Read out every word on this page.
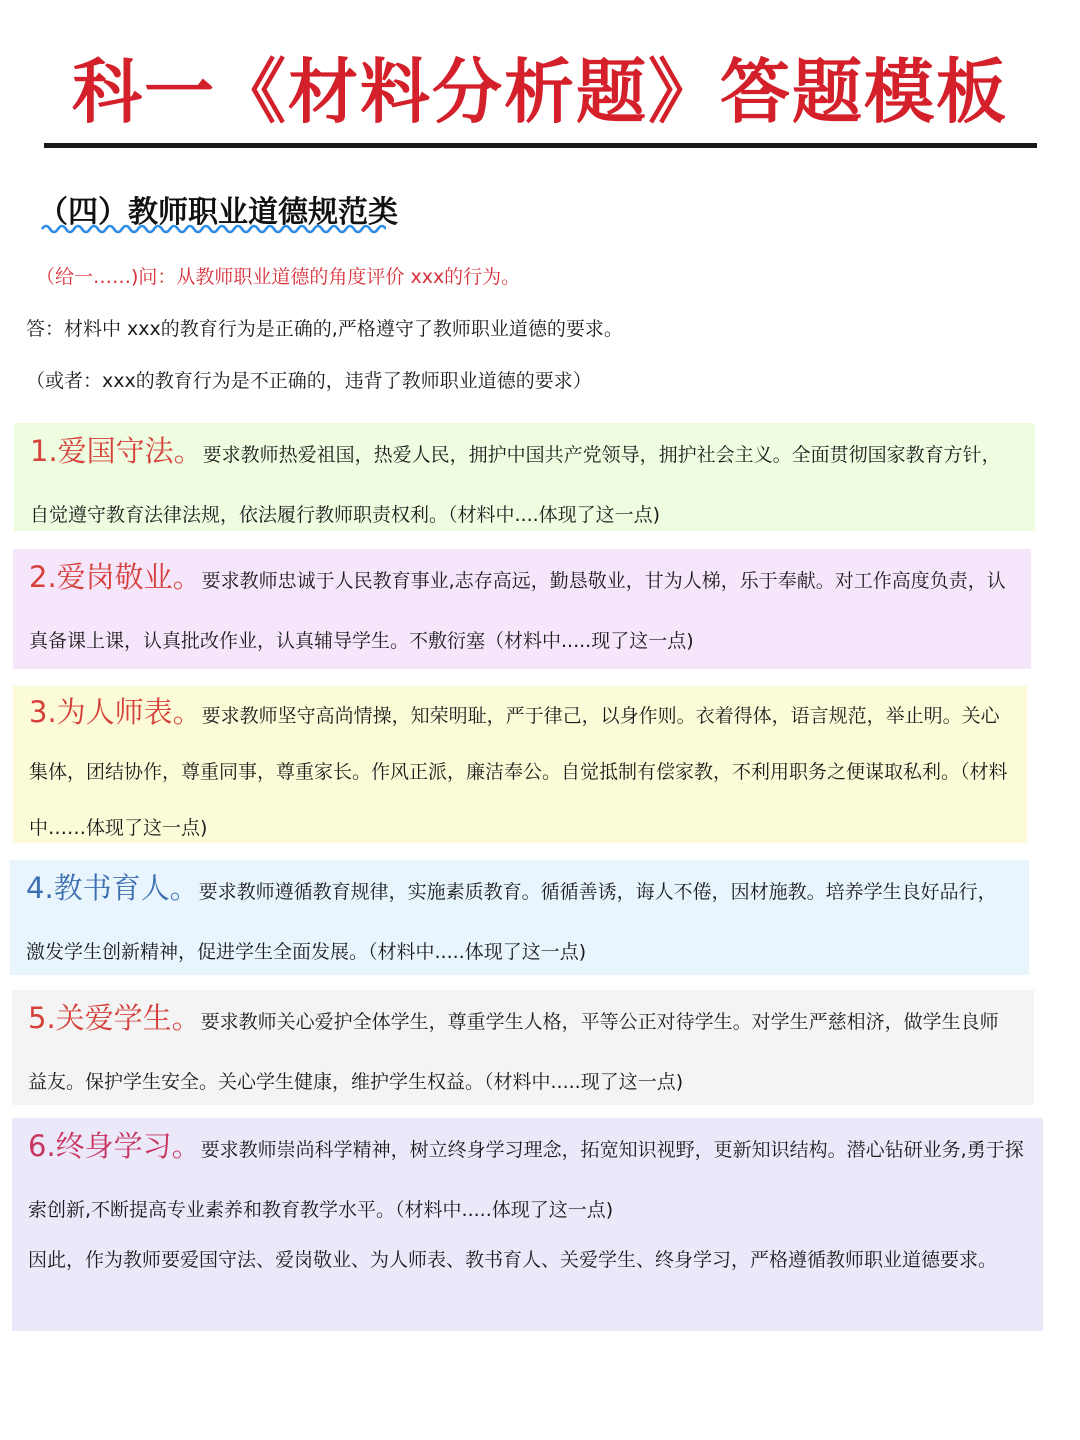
科一《材料分析题》答题模板
（四）教师职业道德规范类
（给一……)问：从教师职业道德的角度评价 xxx的行为。
答：材料中 xxx的教育行为是正确的,严格遵守了教师职业道德的要求。
（或者：xxx的教育行为是不正确的，违背了教师职业道德的要求）
1.爱国守法。要求教师热爱祖国，热爱人民，拥护中国共产党领导，拥护社会主义。全面贯彻国家教育方针，自觉遵守教育法律法规，依法履行教师职责权利。（材料中....体现了这一点)
2.爱岗敬业。要求教师忠诚于人民教育事业,志存高远，勤恳敬业，甘为人梯，乐于奉献。对工作高度负责，认真备课上课，认真批改作业，认真辅导学生。不敷衍塞（材料中.....现了这一点)
3.为人师表。要求教师坚守高尚情操，知荣明耻，严于律己，以身作则。衣着得体，语言规范，举止明。关心集体，团结协作，尊重同事，尊重家长。作风正派，廉洁奉公。自觉抵制有偿家教，不利用职务之便谋取私利。（材料中……体现了这一点)
4.教书育人。要求教师遵循教育规律，实施素质教育。循循善诱，诲人不倦，因材施教。培养学生良好品行，激发学生创新精神，促进学生全面发展。（材料中.....体现了这一点)
5.关爱学生。要求教师关心爱护全体学生，尊重学生人格，平等公正对待学生。对学生严慈相济，做学生良师益友。保护学生安全。关心学生健康，维护学生权益。（材料中.....现了这一点)
6.终身学习。要求教师崇尚科学精神，树立终身学习理念，拓宽知识视野，更新知识结构。潜心钻研业务,勇于探索创新,不断提高专业素养和教育教学水平。（材料中.....体现了这一点)
因此，作为教师要爱国守法、爱岗敬业、为人师表、教书育人、关爱学生、终身学习，严格遵循教师职业道德要求。
